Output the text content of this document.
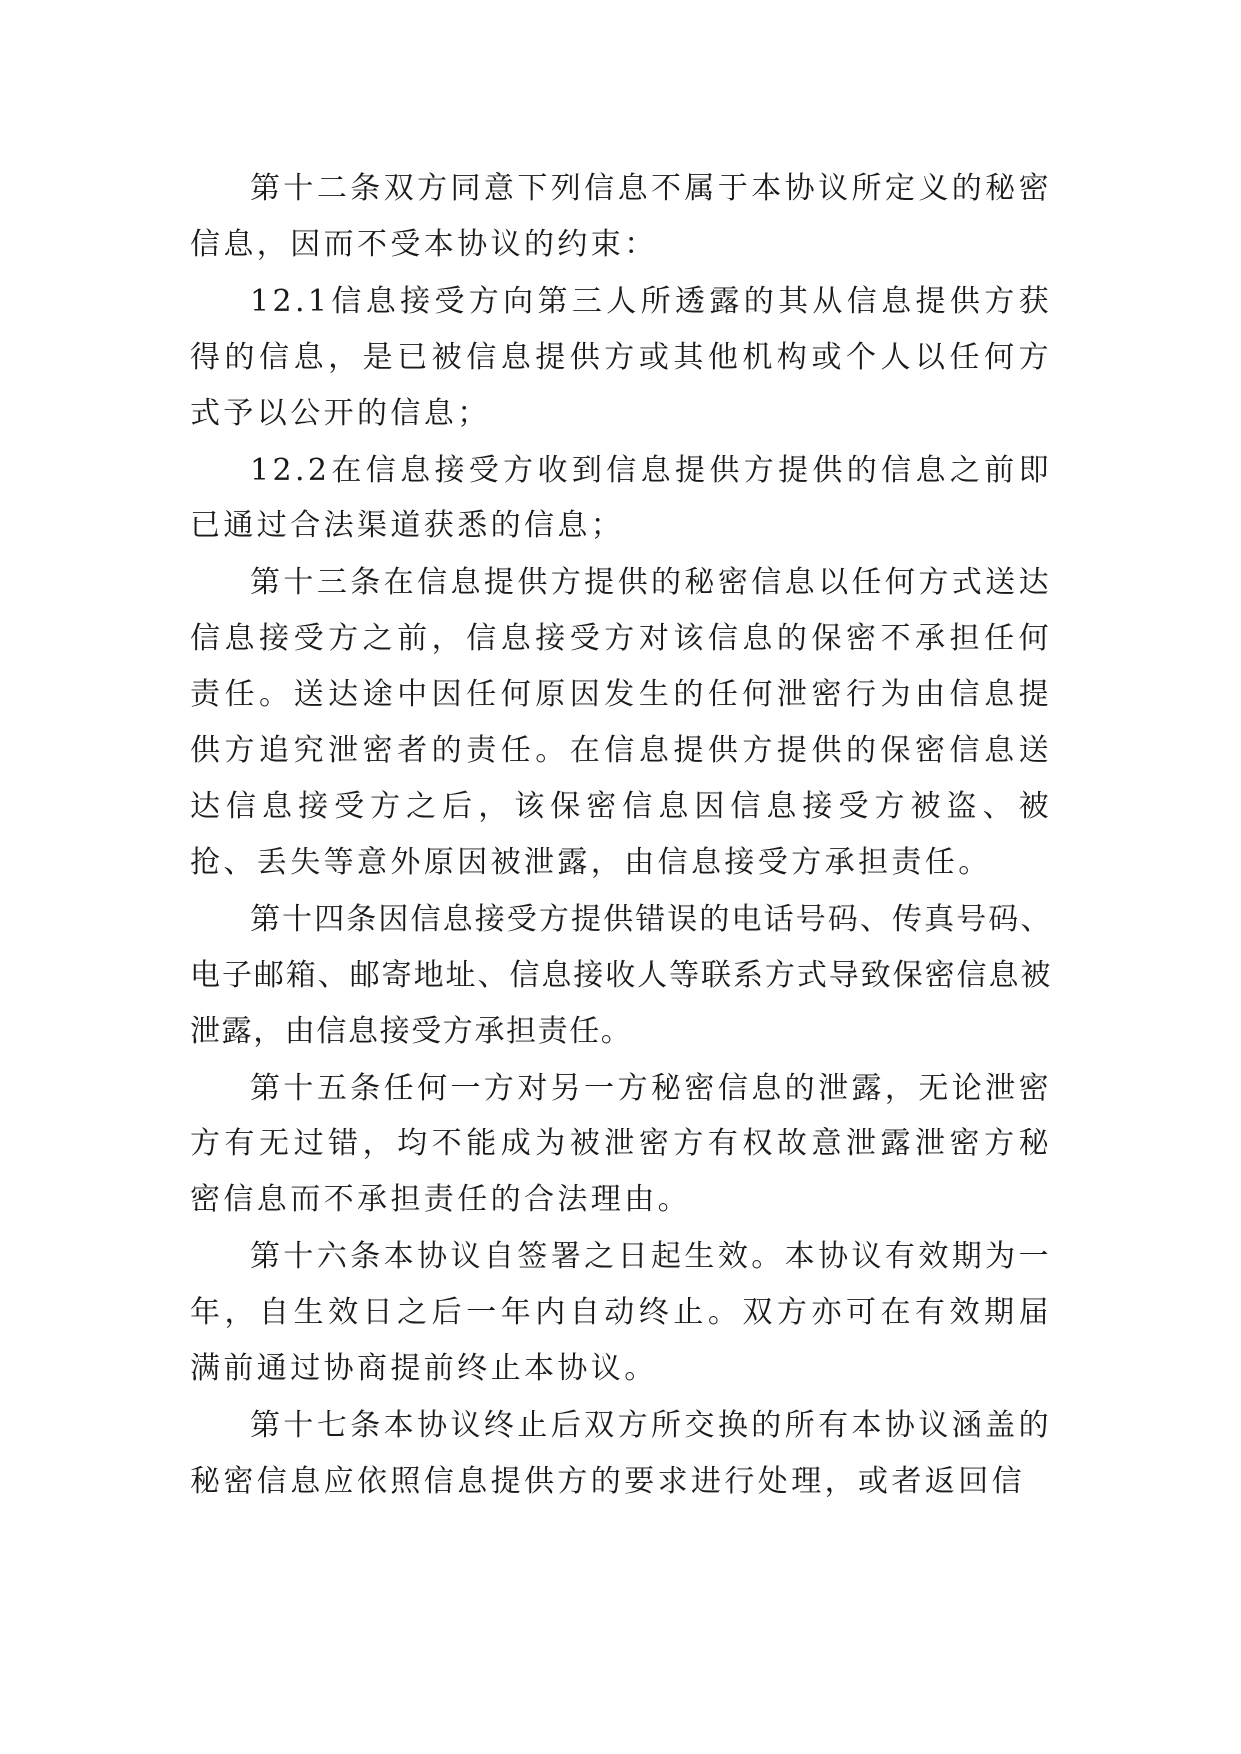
第十二条双方同意下列信息不属于本协议所定义的秘密信息，因而不受本协议的约束：

12.1信息接受方向第三人所透露的其从信息提供方获得的信息，是已被信息提供方或其他机构或个人以任何方式予以公开的信息；

12.2在信息接受方收到信息提供方提供的信息之前即已通过合法渠道获悉的信息；

第十三条在信息提供方提供的秘密信息以任何方式送达信息接受方之前，信息接受方对该信息的保密不承担任何责任。送达途中因任何原因发生的任何泄密行为由信息提供方追究泄密者的责任。在信息提供方提供的保密信息送达信息接受方之后，该保密信息因信息接受方被盗、被抢、丢失等意外原因被泄露，由信息接受方承担责任。

第十四条因信息接受方提供错误的电话号码、传真号码、电子邮箱、邮寄地址、信息接收人等联系方式导致保密信息被泄露，由信息接受方承担责任。

第十五条任何一方对另一方秘密信息的泄露，无论泄密方有无过错，均不能成为被泄密方有权故意泄露泄密方秘密信息而不承担责任的合法理由。

第十六条本协议自签署之日起生效。本协议有效期为一年，自生效日之后一年内自动终止。双方亦可在有效期届满前通过协商提前终止本协议。

第十七条本协议终止后双方所交换的所有本协议涵盖的秘密信息应依照信息提供方的要求进行处理，或者返回信
